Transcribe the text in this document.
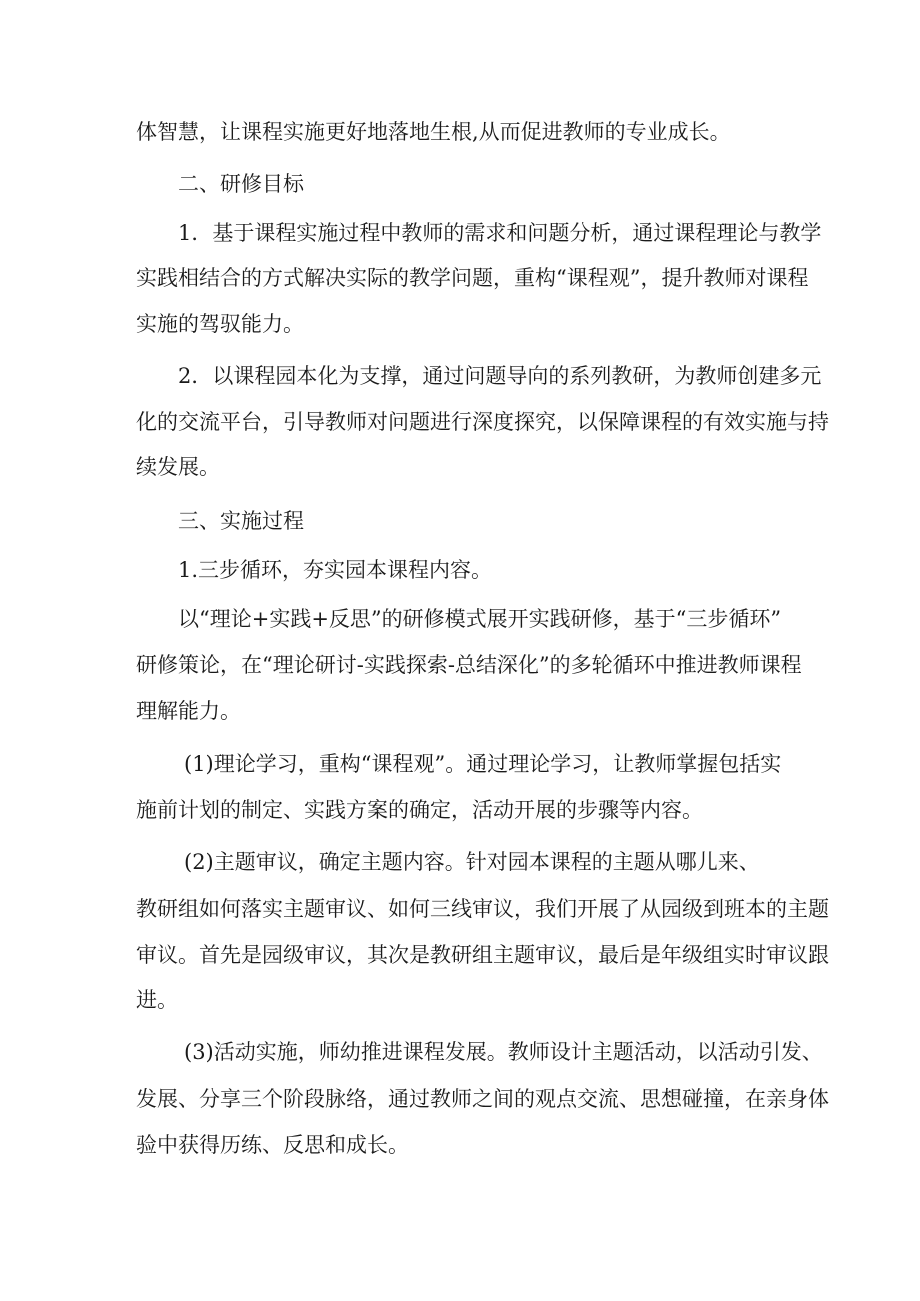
体智慧，让课程实施更好地落地生根,从而促进教师的专业成长。

二、研修目标

1．基于课程实施过程中教师的需求和问题分析，通过课程理论与教学

实践相结合的方式解决实际的教学问题，重构“课程观”，提升教师对课程

实施的驾驭能力。

2．以课程园本化为支撑，通过问题导向的系列教研，为教师创建多元

化的交流平台，引导教师对问题进行深度探究，以保障课程的有效实施与持

续发展。

三、实施过程

1.三步循环，夯实园本课程内容。

以“理论+实践+反思”的研修模式展开实践研修，基于“三步循环”

研修策论，在“理论研讨-实践探索-总结深化”的多轮循环中推进教师课程

理解能力。

(1)理论学习，重构“课程观”。通过理论学习，让教师掌握包括实

施前计划的制定、实践方案的确定，活动开展的步骤等内容。

(2)主题审议，确定主题内容。针对园本课程的主题从哪儿来、

教研组如何落实主题审议、如何三线审议，我们开展了从园级到班本的主题

审议。首先是园级审议，其次是教研组主题审议，最后是年级组实时审议跟

进。

(3)活动实施，师幼推进课程发展。教师设计主题活动，以活动引发、

发展、分享三个阶段脉络，通过教师之间的观点交流、思想碰撞，在亲身体

验中获得历练、反思和成长。
